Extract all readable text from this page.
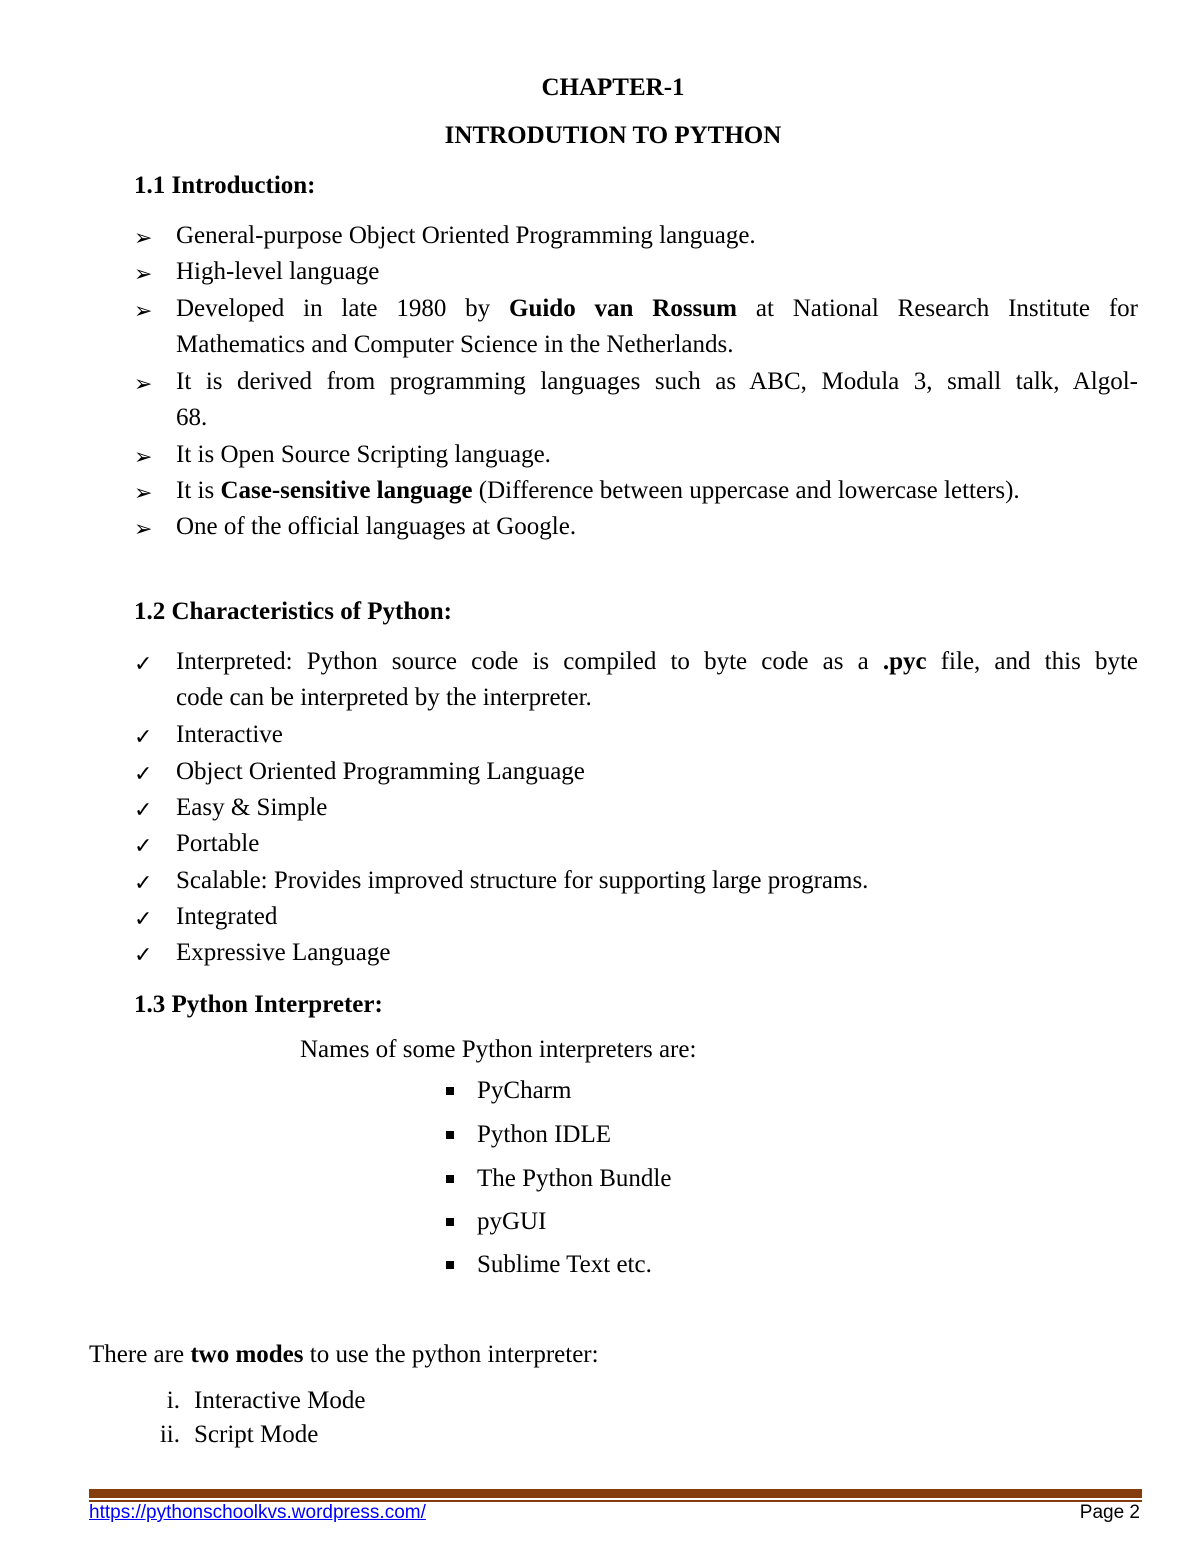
CHAPTER-1
INTRODUTION TO PYTHON
1.1 Introduction:
➢ General-purpose Object Oriented Programming language.
➢ High-level language
➢ Developed in late 1980 by Guido van Rossum at National Research Institute for
Mathematics and Computer Science in the Netherlands.
➢ It is derived from programming languages such as ABC, Modula 3, small talk, Algol-
68.
➢ It is Open Source Scripting language.
➢ It is Case-sensitive language (Difference between uppercase and lowercase letters).
➢ One of the official languages at Google.
1.2 Characteristics of Python:
✓ Interpreted: Python source code is compiled to byte code as a .pyc file, and this byte
code can be interpreted by the interpreter.
✓ Interactive
✓ Object Oriented Programming Language
✓ Easy & Simple
✓ Portable
✓ Scalable: Provides improved structure for supporting large programs.
✓ Integrated
✓ Expressive Language
1.3 Python Interpreter:
Names of some Python interpreters are:
PyCharm
Python IDLE
The Python Bundle
pyGUI
Sublime Text etc.
There are two modes to use the python interpreter:
i. Interactive Mode
ii. Script Mode
https://pythonschoolkvs.wordpress.com/	Page 2
